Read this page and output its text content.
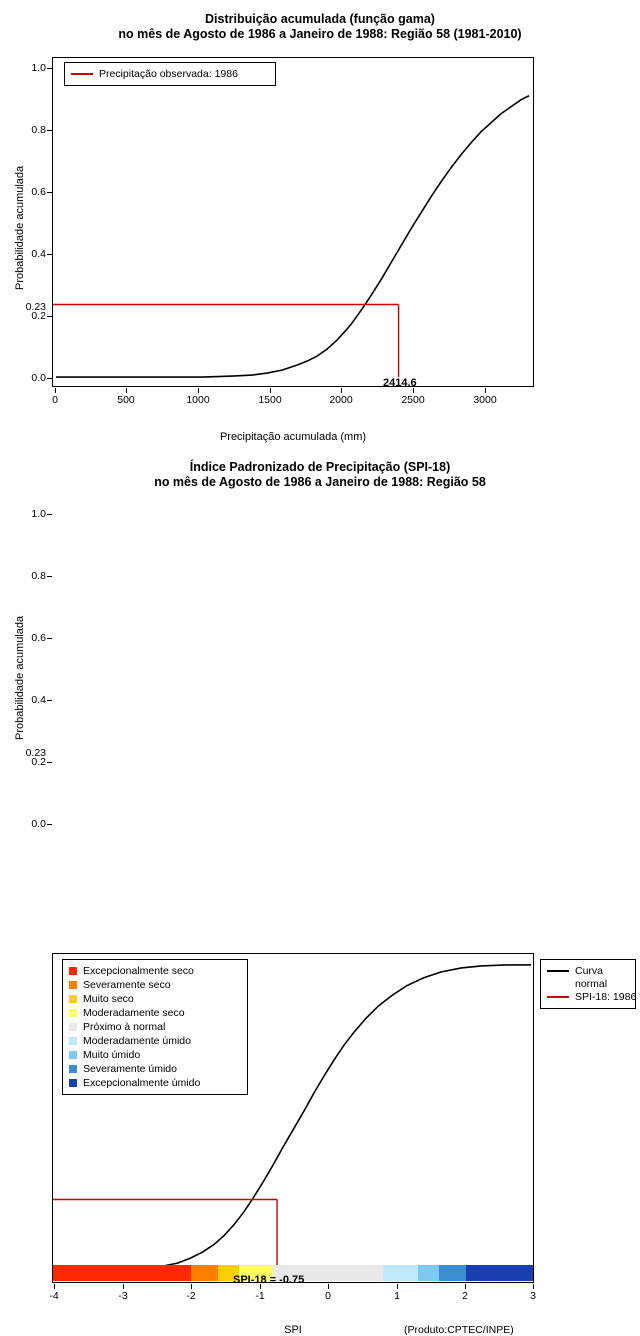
Distribuição acumulada (função gama)
no mês de Agosto de 1986 a Janeiro de 1988: Região 58 (1981-2010)
Probabilidade acumulada
1.0
0.8
0.6
0.4
0.2
0.0
0.23
0	500	1000	1500	2000	2500	3000
Precipitação acumulada (mm)
2414.6
Precipitação observada: 1986
Índice Padronizado de Precipitação (SPI-18)
no mês de Agosto de 1986 a Janeiro de 1988: Região 58
Probabilidade acumulada
1.0
0.8
0.6
0.4
0.2
0.0
0.23
-4	-3	-2	-1	0	1	2	3
SPI
SPI-18 = -0.75
(Produto:CPTEC/INPE)
Excepcionalmente seco
Severamente seco
Muito seco
Moderadamente seco
Próximo à normal
Moderadamente úmido
Muito úmido
Severamente úmido
Excepcionalmente úmido
Curva
normal
SPI-18: 1986
